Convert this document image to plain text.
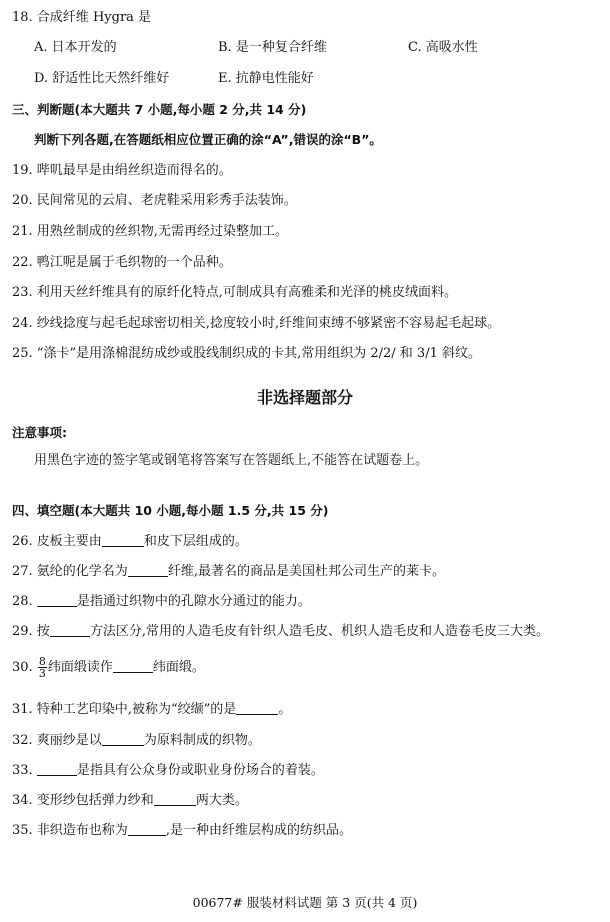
18. 合成纤维 Hygra 是
A. 日本开发的	B. 是一种复合纤维	C. 高吸水性
D. 舒适性比天然纤维好	E. 抗静电性能好
三、判断题(本大题共 7 小题,每小题 2 分,共 14 分)
判断下列各题,在答题纸相应位置正确的涂“A”,错误的涂“B”。
19. 哔叽最早是由绢丝织造而得名的。
20. 民间常见的云肩、老虎鞋采用彩秀手法装饰。
21. 用熟丝制成的丝织物,无需再经过染整加工。
22. 鸭江呢是属于毛织物的一个品种。
23. 利用天丝纤维具有的原纤化特点,可制成具有高雅柔和光泽的桃皮绒面料。
24. 纱线捻度与起毛起球密切相关,捻度较小时,纤维间束缚不够紧密不容易起毛起球。
25. “涤卡”是用涤棉混纺成纱或股线制织成的卡其,常用组织为 2/2/ 和 3/1 斜纹。
非选择题部分
注意事项:
用黑色字迹的签字笔或钢笔将答案写在答题纸上,不能答在试题卷上。
四、填空题(本大题共 10 小题,每小题 1.5 分,共 15 分)
26. 皮板主要由	和皮下层组成的。
27. 氨纶的化学名为	纤维,最著名的商品是美国杜邦公司生产的莱卡。
28.	是指通过织物中的孔隙水分通过的能力。
29. 按	方法区分,常用的人造毛皮有针织人造毛皮、机织人造毛皮和人造卷毛皮三大类。
30. $\frac{8}{3}$ 纬面缎读作	纬面缎。
31. 特种工艺印染中,被称为“绞缬”的是	。
32. 爽丽纱是以	为原料制成的织物。
33.	是指具有公众身份或职业身份场合的着装。
34. 变形纱包括弹力纱和	两大类。
35. 非织造布也称为	,是一种由纤维层构成的纺织品。
00677# 服装材料试题 第 3 页(共 4 页)
